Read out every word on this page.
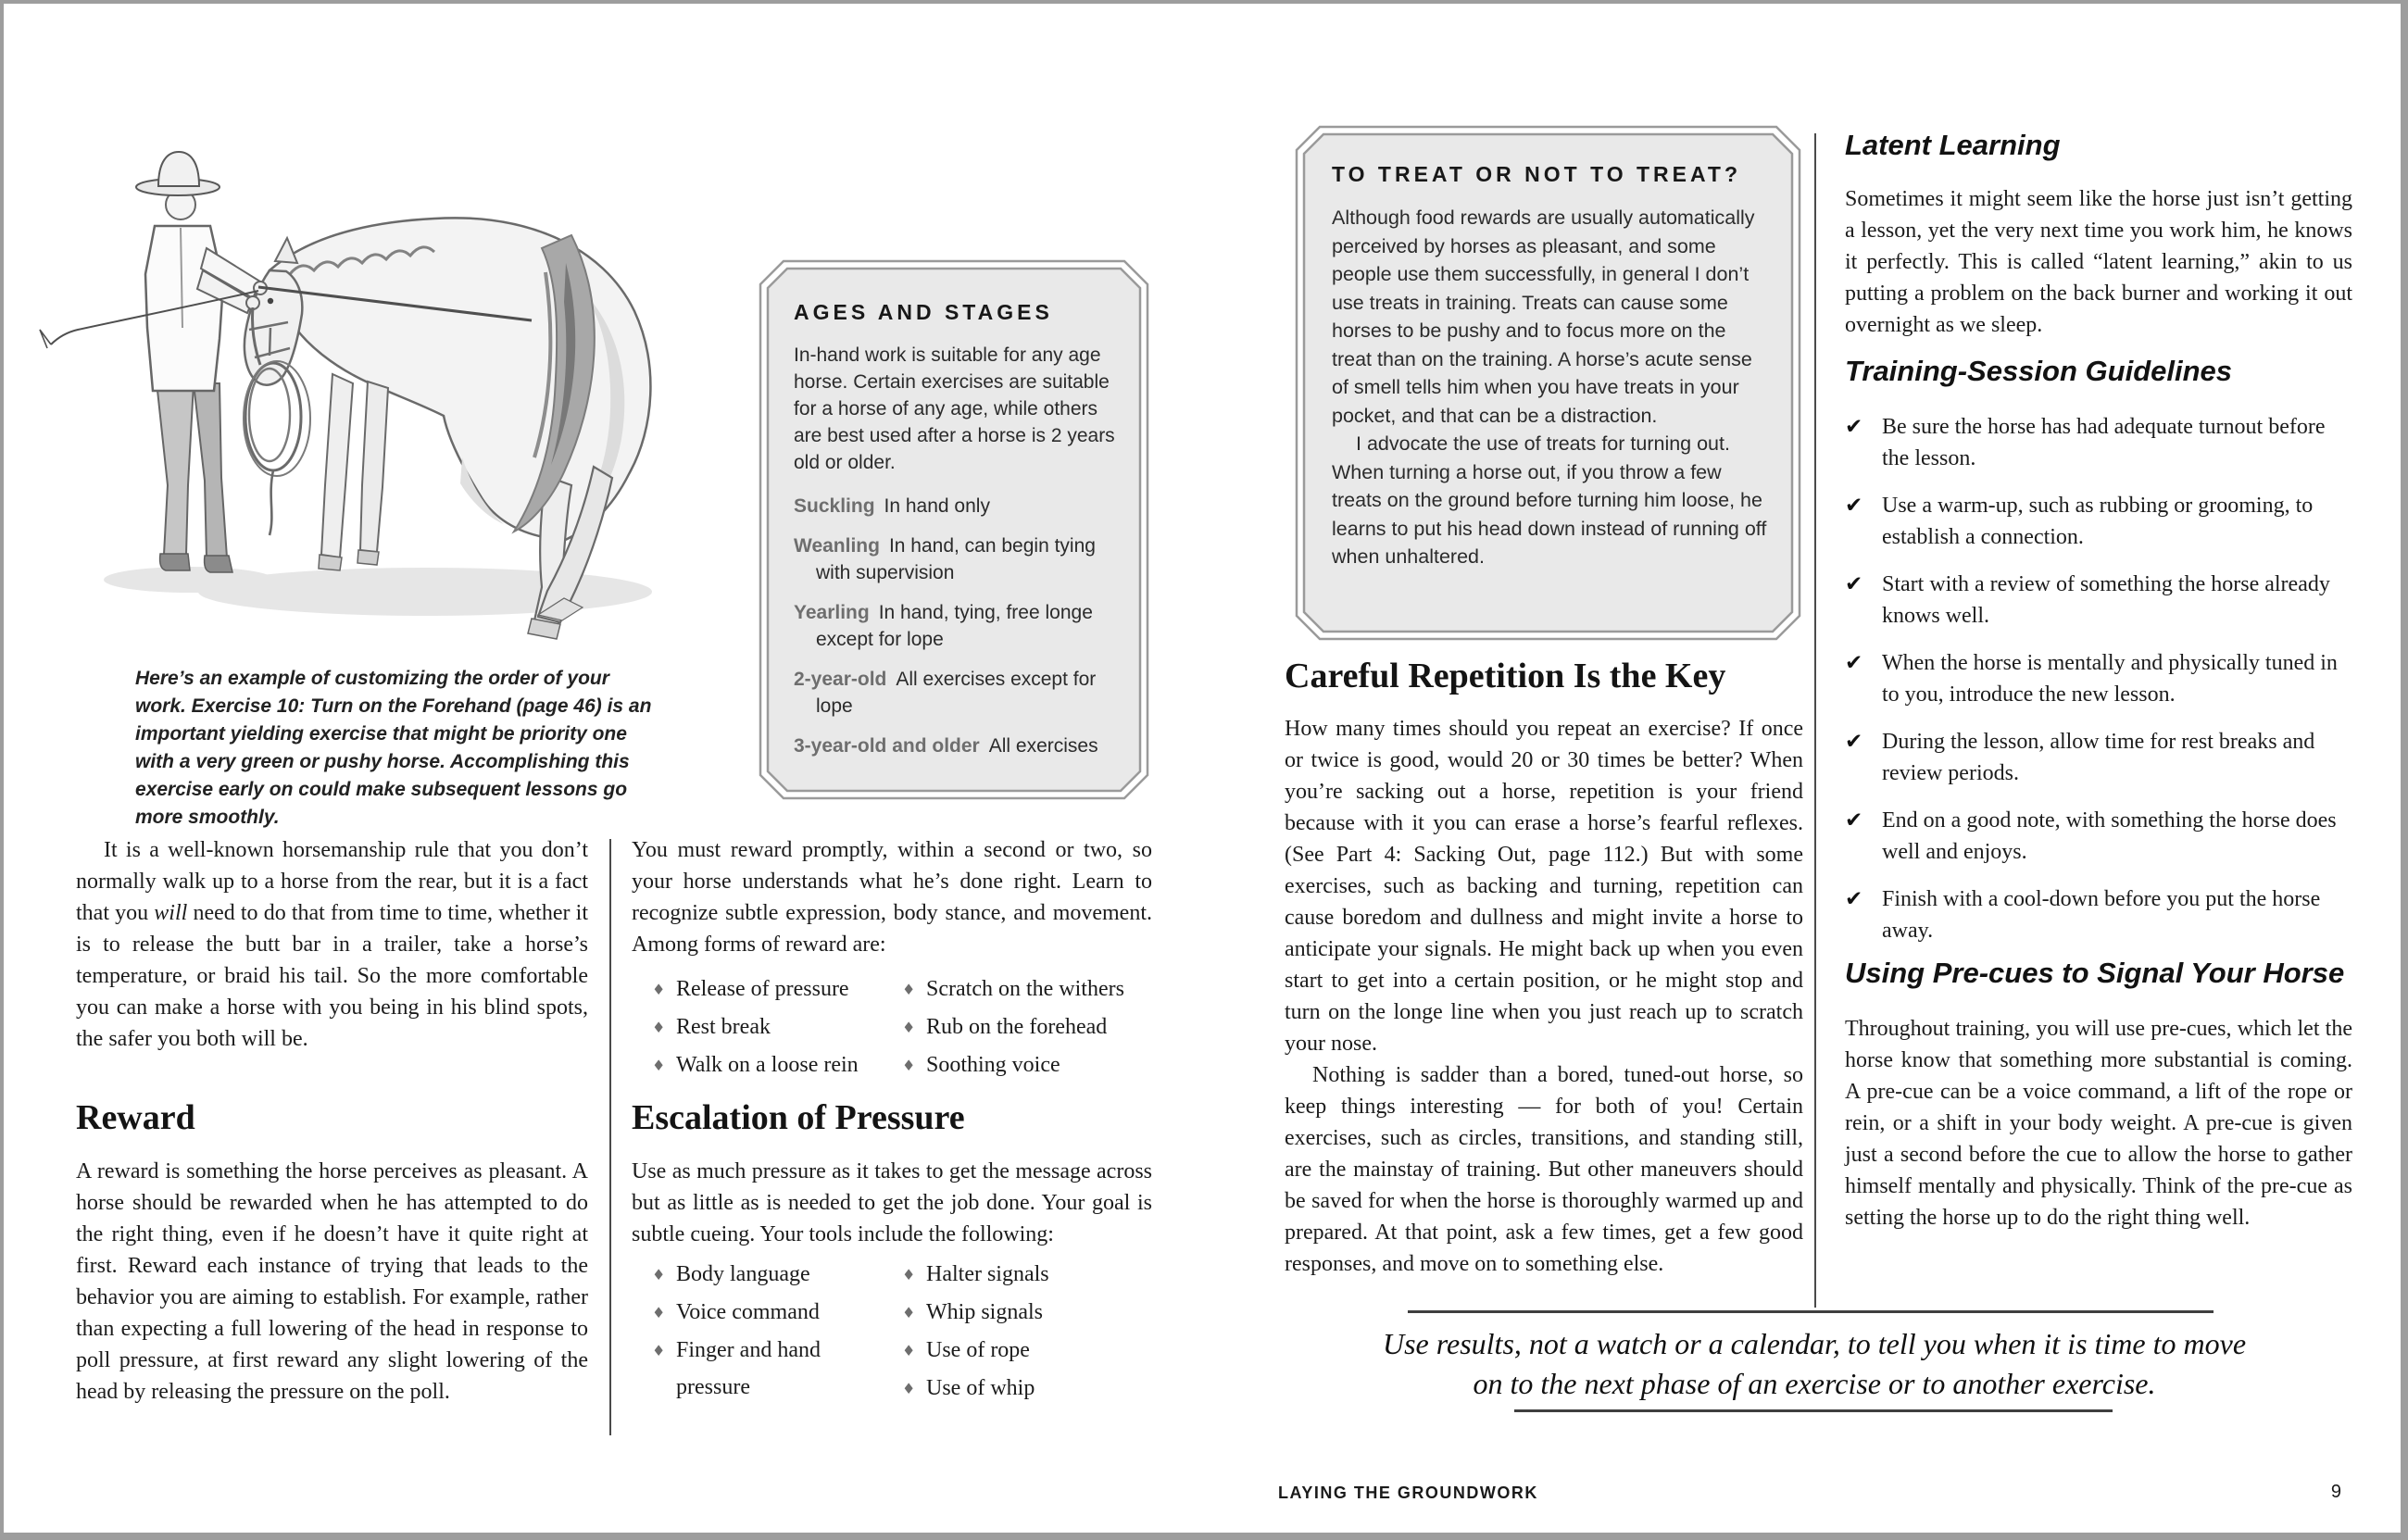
Here’s an example of customizing the order of your work. Exercise 10: Turn on the Forehand (page 46) is an important yielding exercise that might be priority one with a very green or pushy horse. Accomplishing this exercise early on could make subsequent lessons go more smoothly.
AGES AND STAGES
In-hand work is suitable for any age horse. Certain exercises are suitable for a horse of any age, while others are best used after a horse is 2 years old or older.
Suckling In hand only
Weanling In hand, can begin tying with supervision
Yearling In hand, tying, free longe except for lope
2-year-old All exercises except for lope
3-year-old and older All exercises
TO TREAT OR NOT TO TREAT?
Although food rewards are usually automatically perceived by horses as pleasant, and some people use them successfully, in general I don’t use treats in training. Treats can cause some horses to be pushy and to focus more on the treat than on the training. A horse’s acute sense of smell tells him when you have treats in your pocket, and that can be a distraction.
I advocate the use of treats for turning out. When turning a horse out, if you throw a few treats on the ground before turning him loose, he learns to put his head down instead of running off when unhaltered.
It is a well-known horsemanship rule that you don’t normally walk up to a horse from the rear, but it is a fact that you will need to do that from time to time, whether it is to release the butt bar in a trailer, take a horse’s temperature, or braid his tail. So the more comfortable you can make a horse with you being in his blind spots, the safer you both will be.
Reward
A reward is something the horse perceives as pleasant. A horse should be rewarded when he has attempted to do the right thing, even if he doesn’t have it quite right at first. Reward each instance of trying that leads to the behavior you are aiming to establish. For example, rather than expecting a full lowering of the head in response to poll pressure, at first reward any slight lowering of the head by releasing the pressure on the poll.
You must reward promptly, within a second or two, so your horse understands what he’s done right. Learn to recognize subtle expression, body stance, and movement. Among forms of reward are:
♦ Release of pressure
♦ Rest break
♦ Walk on a loose rein
♦ Scratch on the withers
♦ Rub on the forehead
♦ Soothing voice
Escalation of Pressure
Use as much pressure as it takes to get the message across but as little as is needed to get the job done. Your goal is subtle cueing. Your tools include the following:
♦ Body language
♦ Voice command
♦ Finger and hand pressure
♦ Halter signals
♦ Whip signals
♦ Use of rope
♦ Use of whip
Careful Repetition Is the Key
How many times should you repeat an exercise? If once or twice is good, would 20 or 30 times be better? When you’re sacking out a horse, repetition is your friend because with it you can erase a horse’s fearful reflexes. (See Part 4: Sacking Out, page 112.) But with some exercises, such as backing and turning, repetition can cause boredom and dullness and might invite a horse to anticipate your signals. He might back up when you even start to get into a certain position, or he might stop and turn on the longe line when you just reach up to scratch your nose.
Nothing is sadder than a bored, tuned-out horse, so keep things interesting — for both of you! Certain exercises, such as circles, transitions, and standing still, are the mainstay of training. But other maneuvers should be saved for when the horse is thoroughly warmed up and prepared. At that point, ask a few times, get a few good responses, and move on to something else.
Latent Learning
Sometimes it might seem like the horse just isn’t getting a lesson, yet the very next time you work him, he knows it perfectly. This is called “latent learning,” akin to us putting a problem on the back burner and working it out overnight as we sleep.
Training-Session Guidelines
✔ Be sure the horse has had adequate turnout before the lesson.
✔ Use a warm-up, such as rubbing or grooming, to establish a connection.
✔ Start with a review of something the horse already knows well.
✔ When the horse is mentally and physically tuned in to you, introduce the new lesson.
✔ During the lesson, allow time for rest breaks and review periods.
✔ End on a good note, with something the horse does well and enjoys.
✔ Finish with a cool-down before you put the horse away.
Using Pre-cues to Signal Your Horse
Throughout training, you will use pre-cues, which let the horse know that something more substantial is coming. A pre-cue can be a voice command, a lift of the rope or rein, or a shift in your body weight. A pre-cue is given just a second before the cue to allow the horse to gather himself mentally and physically. Think of the pre-cue as setting the horse up to do the right thing well.
Use results, not a watch or a calendar, to tell you when it is time to move
on to the next phase of an exercise or to another exercise.
LAYING THE GROUNDWORK	9
